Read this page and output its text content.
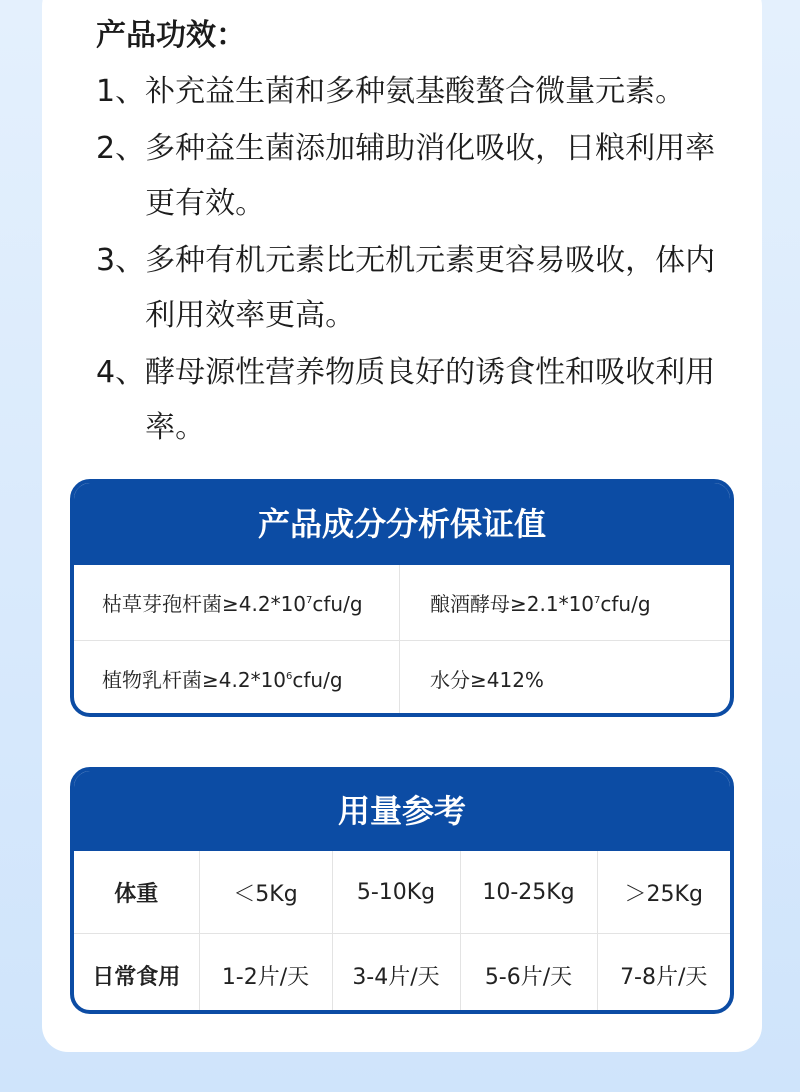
产品功效：
1、 补充益生菌和多种氨基酸螯合微量元素。
2、 多种益生菌添加辅助消化吸收，日粮利用率更有效。
3、 多种有机元素比无机元素更容易吸收，体内利用效率更高。
4、 酵母源性营养物质良好的诱食性和吸收利用率。
产品成分分析保证值
枯草芽孢杆菌$\ge 4.2*10^7cfu/g$	酿酒酵母$\ge 2.1*10^7cfu/g$
植物乳杆菌$\ge 4.2*10^6cfu/g$	水分≥412%
用量参考
体重	＜5Kg	5-10Kg	10-25Kg	＞25Kg
日常食用	1-2片/天	3-4片/天	5-6片/天	7-8片/天
